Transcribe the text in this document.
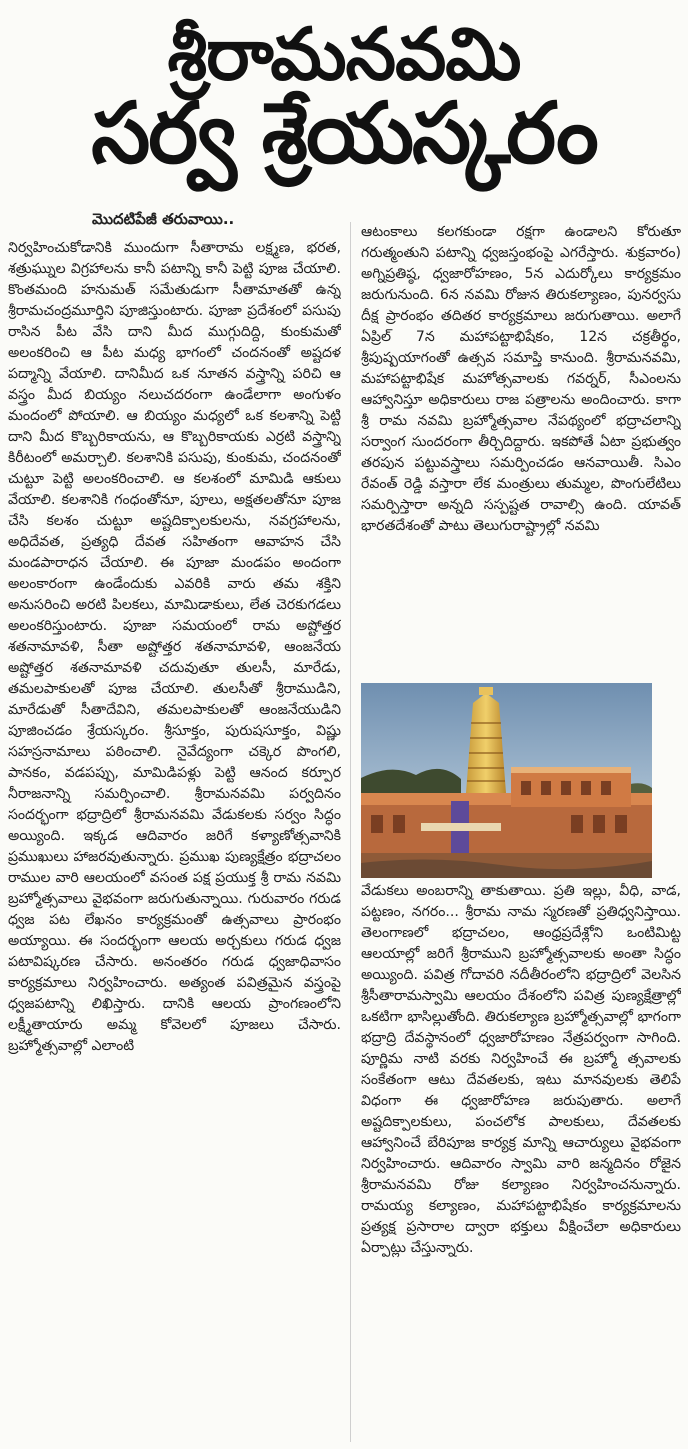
శ్రీరామనవమి
సర్వ శ్రేయస్కరం
మొదటిపేజీ తరువాయి..

నిర్వహించుకోడానికి ముందుగా సీతారామ లక్ష్మణ, భరత, శత్రుఘ్నుల విగ్రహాలను కానీ పటాన్ని కానీ పెట్టి పూజ చేయాలి. కొంతమంది హనుమత్ సమేతుడుగా సీతామాతతో ఉన్న శ్రీరామచంద్రమూర్తిని పూజిస్తుంటారు. పూజా ప్రదేశంలో పసుపు రాసిన పీట వేసి దాని మీద ముగ్గుదిద్ది, కుంకుమతో అలంకరించి ఆ పీట మధ్య భాగంలో చందనంతో అష్టదళ పద్మాన్ని వేయాలి. దానిమీద ఒక నూతన వస్త్రాన్ని పరిచి ఆ వస్త్రం మీద బియ్యం నలుచదరంగా ఉండేలాగా అంగుళం మందంలో పోయాలి. ఆ బియ్యం మధ్యలో ఒక కలశాన్ని పెట్టి దాని మీద కొబ్బరికాయను, ఆ కొబ్బరికాయకు ఎర్రటి వస్త్రాన్ని కిరీటంలో అమర్చాలి. కలశానికి పసుపు, కుంకుమ, చందనంతో చుట్టూ పెట్టి అలంకరించాలి. ఆ కలశంలో మామిడి ఆకులు వేయాలి. కలశానికి గంధంతోనూ, పూలు, అక్షతలతోనూ పూజ చేసి కలశం చుట్టూ అష్టదిక్పాలకులను, నవగ్రహాలను, అధిదేవత, ప్రత్యధి దేవత సహితంగా ఆవాహన చేసి మండపారాధన చేయాలి. ఈ పూజా మండపం అందంగా అలంకారంగా ఉండేందుకు ఎవరికి వారు తమ శక్తిని అనుసరించి అరటి పిలకలు, మామిడాకులు, లేత చెరకుగడలు అలంకరిస్తుంటారు. పూజా సమయంలో రామ అష్టోత్తర శతనామావళి, సీతా అష్టోత్తర శతనామావళి, ఆంజనేయ అష్టోత్తర శతనామావళి చదువుతూ తులసీ, మారేడు, తమలపాకులతో పూజ చేయాలి. తులసీతో శ్రీరాముడిని, మారేడుతో సీతాదేవిని, తమలపాకులతో ఆంజనేయుడిని పూజించడం శ్రేయస్కరం. శ్రీసూక్తం, పురుషసూక్తం, విష్ణు సహస్రనామాలు పఠించాలి. నైవేద్యంగా చక్కెర పొంగలి, పానకం, వడపప్పు, మామిడిపళ్లు పెట్టి ఆనంద కర్పూర నీరాజనాన్ని సమర్పించాలి. శ్రీరామనవమి పర్వదినం సందర్భంగా భద్రాద్రిలో శ్రీరామనవమి వేడుకలకు సర్వం సిద్ధం అయ్యింది. ఇక్కడ ఆదివారం జరిగే కళ్యాణోత్సవానికి ప్రముఖులు హాజరవుతున్నారు. ప్రముఖ పుణ్యక్షేత్రం భద్రాచలం రాముల వారి ఆలయంలో వసంత పక్ష ప్రయుక్త శ్రీ రామ నవమి బ్రహ్మోత్సవాలు వైభవంగా జరుగుతున్నాయి. గురువారం గరుడ ధ్వజ పట లేఖనం కార్యక్రమంతో ఉత్సవాలు ప్రారంభం అయ్యాయి. ఈ సందర్భంగా ఆలయ అర్చకులు గరుడ ధ్వజ పటావిష్కరణ చేసారు. అనంతరం గరుడ ధ్వజాధివాసం కార్యక్రమాలు నిర్వహించారు. అత్యంత పవిత్రమైన వస్త్రంపై ధ్వజపటాన్ని లిఖిస్తారు. దానికి ఆలయ ప్రాంగణంలోని లక్ష్మీతాయారు అమ్మ కోవెలలో పూజలు చేసారు. బ్రహ్మోత్సవాల్లో ఎలాంటి

ఆటంకాలు కలగకుండా రక్షగా ఉండాలని కోరుతూ గరుత్మంతుని పటాన్ని ధ్వజస్తంభంపై ఎగరేస్తారు. శుక్రవారం) అగ్నిప్రతిష్ఠ, ధ్వజారోహణం, 5న ఎదుర్కోలు కార్యక్రమం జరుగునుంది. 6న నవమి రోజున తిరుకల్యాణం, పునర్వసు దీక్ష ప్రారంభం తదితర కార్యక్రమాలు జరుగుతాయి. అలాగే ఏప్రిల్ 7న మహాపట్టాభిషేకం, 12న చక్రతీర్థం, శ్రీపుష్పయాగంతో ఉత్సవ సమాప్తి కానుంది. శ్రీరామనవమి, మహాపట్టాభిషేక మహోత్సవాలకు గవర్నర్, సీఎంలను ఆహ్వానిస్తూ అధికారులు రాజ పత్రాలను అందించారు. కాగా శ్రీ రామ నవమి బ్రహ్మోత్సవాల నేపథ్యంలో భద్రాచలాన్ని సర్వాంగ సుందరంగా తీర్చిదిద్దారు. ఇకపోతే ఏటా ప్రభుత్వం తరపున పట్టువస్త్రాలు సమర్పించడం ఆనవాయితీ. సిఎం రేవంత్ రెడ్డి వస్తారా లేక మంత్రులు తుమ్మల, పొంగులేటిలు సమర్పిస్తారా అన్నది సస్పష్టత రావాల్సి ఉంది. యావత్ భారతదేశంతో పాటు తెలుగురాష్ట్రాల్లో నవమి

వేడుకలు అంబరాన్ని తాకుతాయి. ప్రతి ఇల్లు, వీధి, వాడ, పట్టణం, నగరం... శ్రీరామ నామ స్మరణతో ప్రతిధ్వనిస్తాయి. తెలంగాణలో భద్రాచలం, ఆంధ్రప్రదేశ్లోని ఒంటిమిట్ట ఆలయాల్లో జరిగే శ్రీరాముని బ్రహ్మోత్సవాలకు అంతా సిద్ధం అయ్యింది. పవిత్ర గోదావరి నదీతీరంలోని భద్రాద్రిలో వెలసిన శ్రీసీతారామస్వామి ఆలయం దేశంలోని పవిత్ర పుణ్యక్షేత్రాల్లో ఒకటిగా భాసిల్లుతోంది. తిరుకల్యాణ బ్రహ్మోత్సవాల్లో భాగంగా భద్రాద్రి దేవస్థానంలో ధ్వజారోహణం నేత్రపర్వంగా సాగింది. పూర్ణిమ నాటి వరకు నిర్వహించే ఈ బ్రహ్మో త్సవాలకు సంకేతంగా ఆటు దేవతలకు, ఇటు మానవులకు తెలిపే విధంగా ఈ ధ్వజారోహణ జరుపుతారు. అలాగే అష్టదిక్పాలకులు, పంచలోక పాలకులు, దేవతలకు ఆహ్వానించే బేరిపూజ కార్యక్ర మాన్ని ఆచార్యులు వైభవంగా నిర్వహించారు. ఆదివారం స్వామి వారి జన్మదినం రోజైన శ్రీరామనవమి రోజు కల్యాణం నిర్వహించనున్నారు. రామయ్య కల్యాణం, మహాపట్టాభిషేకం కార్యక్రమాలను ప్రత్యక్ష ప్రసారాల ద్వారా భక్తులు వీక్షించేలా అధికారులు ఏర్పాట్లు చేస్తున్నారు.
